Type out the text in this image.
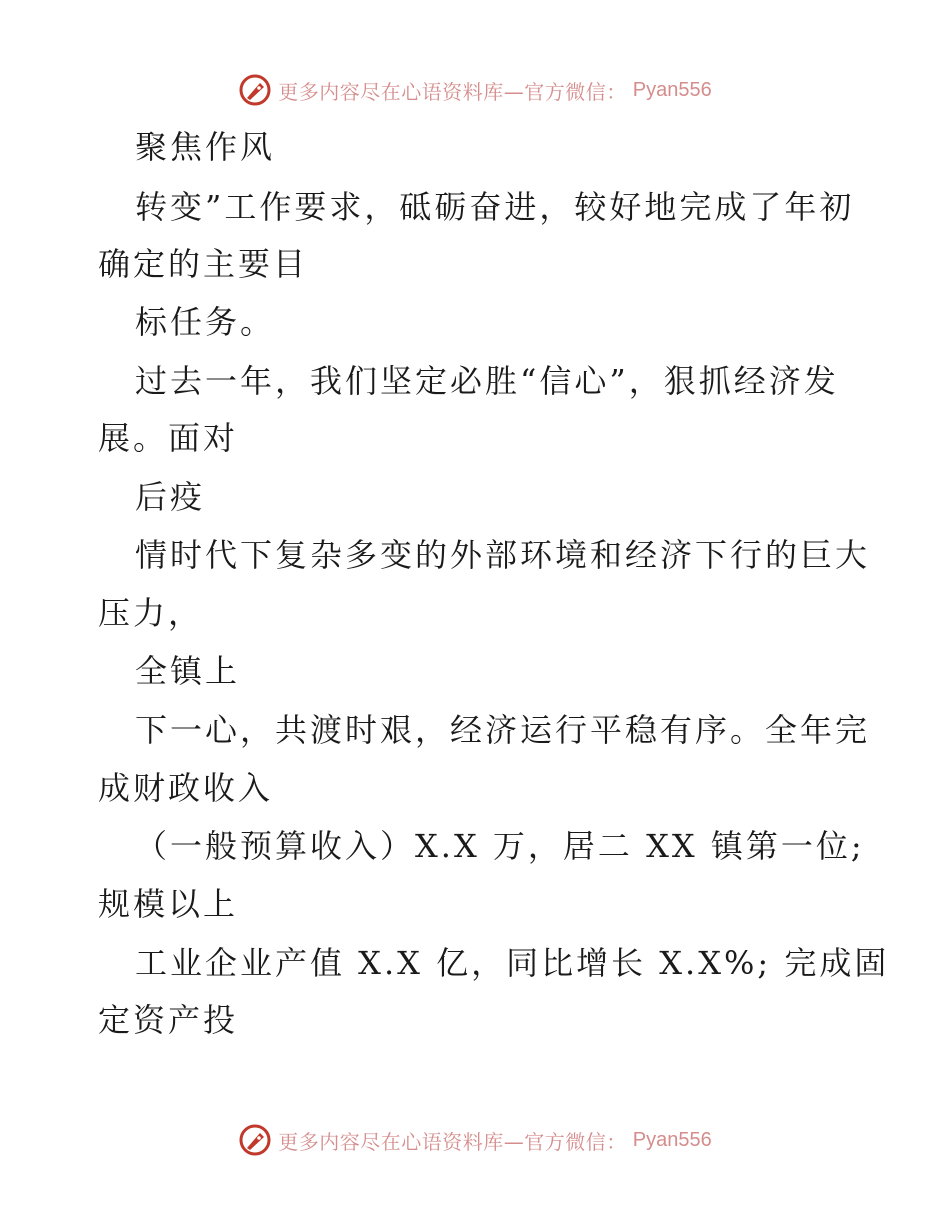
更多内容尽在心语资料库—官方微信： Pyan556
聚焦作风
转变”工作要求，砥砺奋进，较好地完成了年初
确定的主要目
标任务。
过去一年，我们坚定必胜“信心”，狠抓经济发
展。面对
后疫
情时代下复杂多变的外部环境和经济下行的巨大
压力，
全镇上
下一心，共渡时艰，经济运行平稳有序。全年完
成财政收入
（一般预算收入）X.X 万，居二 XX 镇第一位;
规模以上
工业企业产值 X.X 亿，同比增长 X.X%; 完成固
定资产投
更多内容尽在心语资料库—官方微信： Pyan556
